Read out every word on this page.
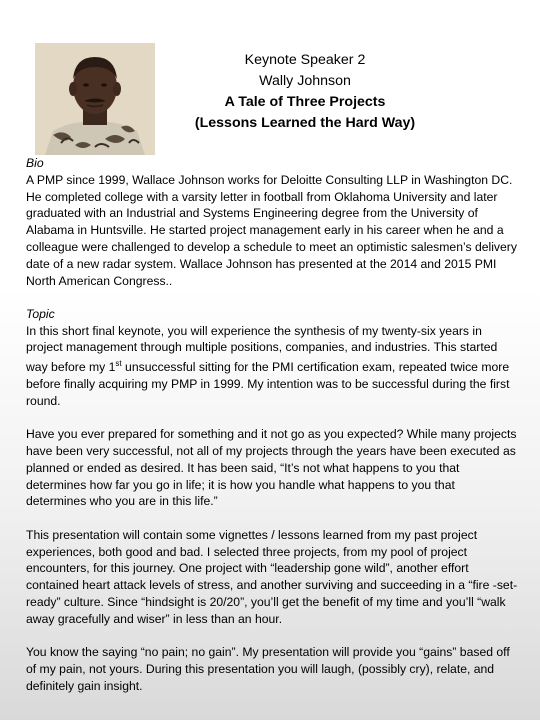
Keynote Speaker 2
Wally Johnson
A Tale of Three Projects
(Lessons Learned the Hard Way)
Bio

A PMP since 1999, Wallace Johnson works for Deloitte Consulting LLP in Washington DC. He completed college with a varsity letter in football from Oklahoma University and later graduated with an Industrial and Systems Engineering degree from the University of Alabama in Huntsville. He started project management early in his career when he and a colleague were challenged to develop a schedule to meet an optimistic salesmen’s delivery date of a new radar system. Wallace Johnson has presented at the 2014 and 2015 PMI North American Congress..

Topic

In this short final keynote, you will experience the synthesis of my twenty-six years in project management through multiple positions, companies, and industries. This started way before my 1st unsuccessful sitting for the PMI certification exam, repeated twice more before finally acquiring my PMP in 1999. My intention was to be successful during the first round.

Have you ever prepared for something and it not go as you expected? While many projects have been very successful, not all of my projects through the years have been executed as planned or ended as desired. It has been said, “It’s not what happens to you that determines how far you go in life; it is how you handle what happens to you that determines who you are in this life.”

This presentation will contain some vignettes / lessons learned from my past project experiences, both good and bad. I selected three projects, from my pool of project encounters, for this journey. One project with “leadership gone wild”, another effort contained heart attack levels of stress, and another surviving and succeeding in a “fire -set-ready” culture. Since “hindsight is 20/20”, you’ll get the benefit of my time and you’ll “walk away gracefully and wiser” in less than an hour.

You know the saying “no pain; no gain”. My presentation will provide you “gains” based off of my pain, not yours. During this presentation you will laugh, (possibly cry), relate, and definitely gain insight.
